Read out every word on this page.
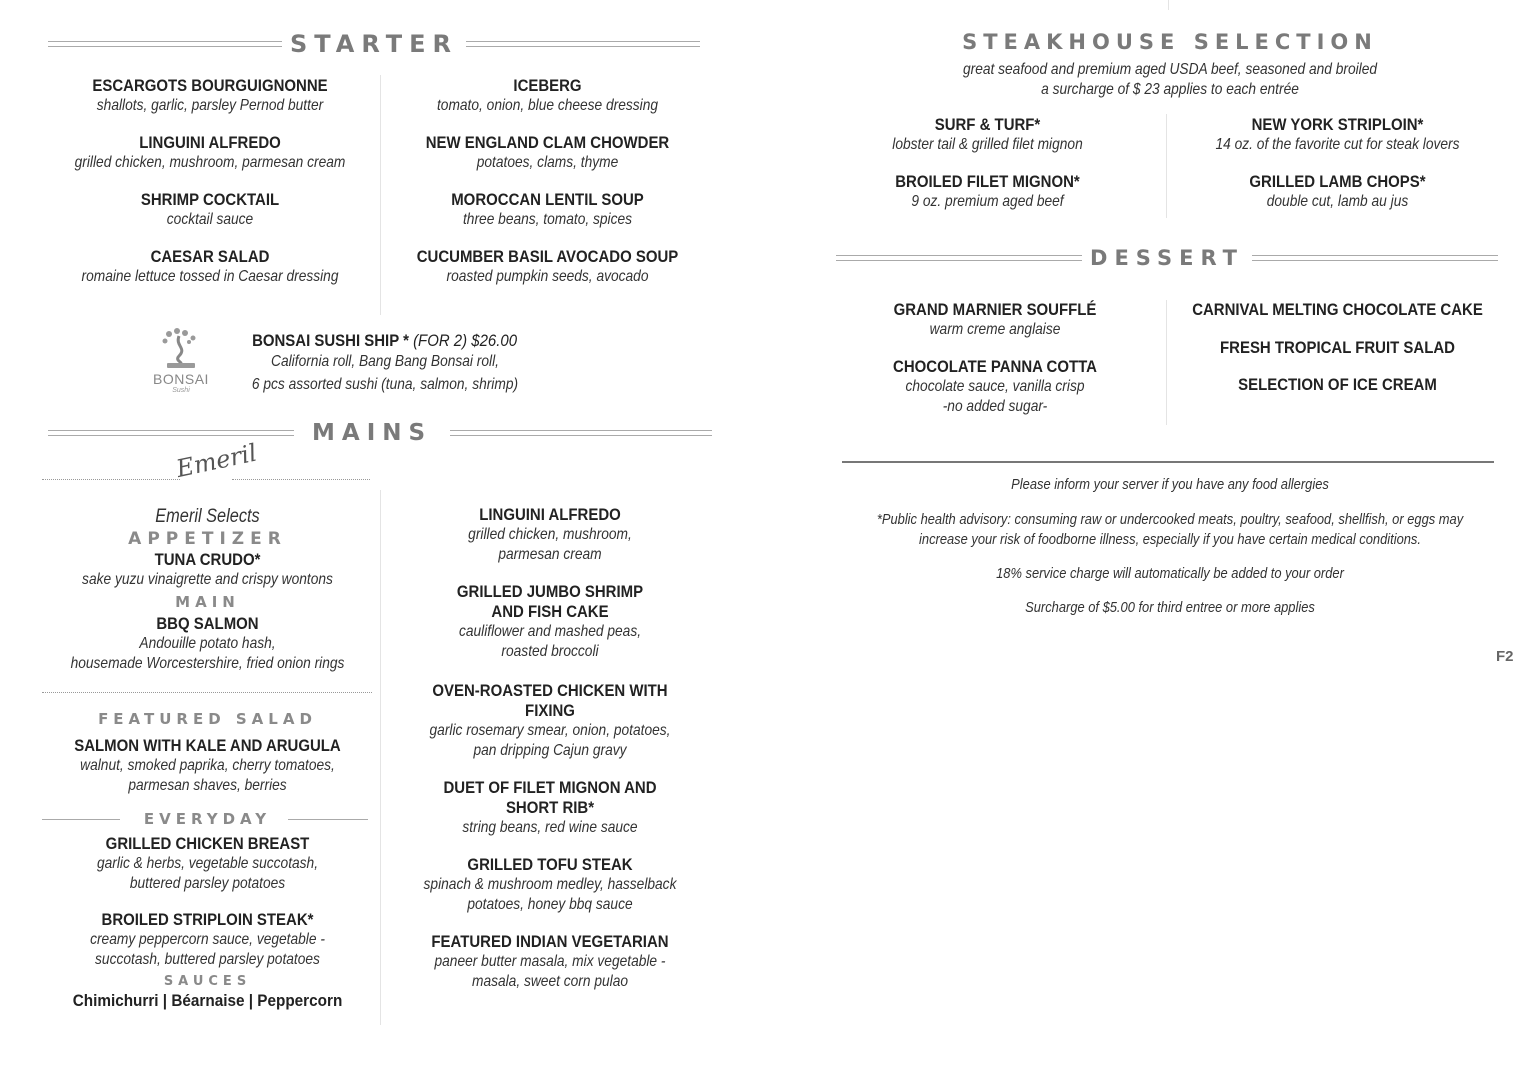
STARTER
ESCARGOTS BOURGUIGNONNE
shallots, garlic, parsley Pernod butter
LINGUINI ALFREDO
grilled chicken, mushroom, parmesan cream
SHRIMP COCKTAIL
cocktail sauce
CAESAR SALAD
romaine lettuce tossed in Caesar dressing
ICEBERG
tomato, onion, blue cheese dressing
NEW ENGLAND CLAM CHOWDER
potatoes, clams, thyme
MOROCCAN LENTIL SOUP
three beans, tomato, spices
CUCUMBER BASIL AVOCADO SOUP
roasted pumpkin seeds, avocado
BONSAI
Sushi
BONSAI SUSHI SHIP * (FOR 2) $26.00
California roll, Bang Bang Bonsai roll,
6 pcs assorted sushi (tuna, salmon, shrimp)
MAINS
Emeril
Emeril Selects
APPETIZER
TUNA CRUDO*
sake yuzu vinaigrette and crispy wontons
MAIN
BBQ SALMON
Andouille potato hash,
housemade Worcestershire, fried onion rings
FEATURED SALAD
SALMON WITH KALE AND ARUGULA
walnut, smoked paprika, cherry tomatoes,
parmesan shaves, berries
EVERYDAY
GRILLED CHICKEN BREAST
garlic & herbs, vegetable succotash,
buttered parsley potatoes
BROILED STRIPLOIN STEAK*
creamy peppercorn sauce, vegetable -
succotash, buttered parsley potatoes
SAUCES
Chimichurri | Béarnaise | Peppercorn
LINGUINI ALFREDO
grilled chicken, mushroom,
parmesan cream
GRILLED JUMBO SHRIMP
AND FISH CAKE
cauliflower and mashed peas,
roasted broccoli
OVEN-ROASTED CHICKEN WITH
FIXING
garlic rosemary smear, onion, potatoes,
pan dripping Cajun gravy
DUET OF FILET MIGNON AND
SHORT RIB*
string beans, red wine sauce
GRILLED TOFU STEAK
spinach & mushroom medley, hasselback
potatoes, honey bbq sauce
FEATURED INDIAN VEGETARIAN
paneer butter masala, mix vegetable -
masala, sweet corn pulao
STEAKHOUSE SELECTION
great seafood and premium aged USDA beef, seasoned and broiled
a surcharge of $ 23 applies to each entrée
SURF & TURF*
lobster tail & grilled filet mignon
BROILED FILET MIGNON*
9 oz. premium aged beef
NEW YORK STRIPLOIN*
14 oz. of the favorite cut for steak lovers
GRILLED LAMB CHOPS*
double cut, lamb au jus
DESSERT
GRAND MARNIER SOUFFLÉ
warm creme anglaise
CHOCOLATE PANNA COTTA
chocolate sauce, vanilla crisp
-no added sugar-
CARNIVAL MELTING CHOCOLATE CAKE
FRESH TROPICAL FRUIT SALAD
SELECTION OF ICE CREAM
Please inform your server if you have any food allergies
*Public health advisory: consuming raw or undercooked meats, poultry, seafood, shellfish, or eggs may
increase your risk of foodborne illness, especially if you have certain medical conditions.
18% service charge will automatically be added to your order
Surcharge of $5.00 for third entree or more applies
F2
